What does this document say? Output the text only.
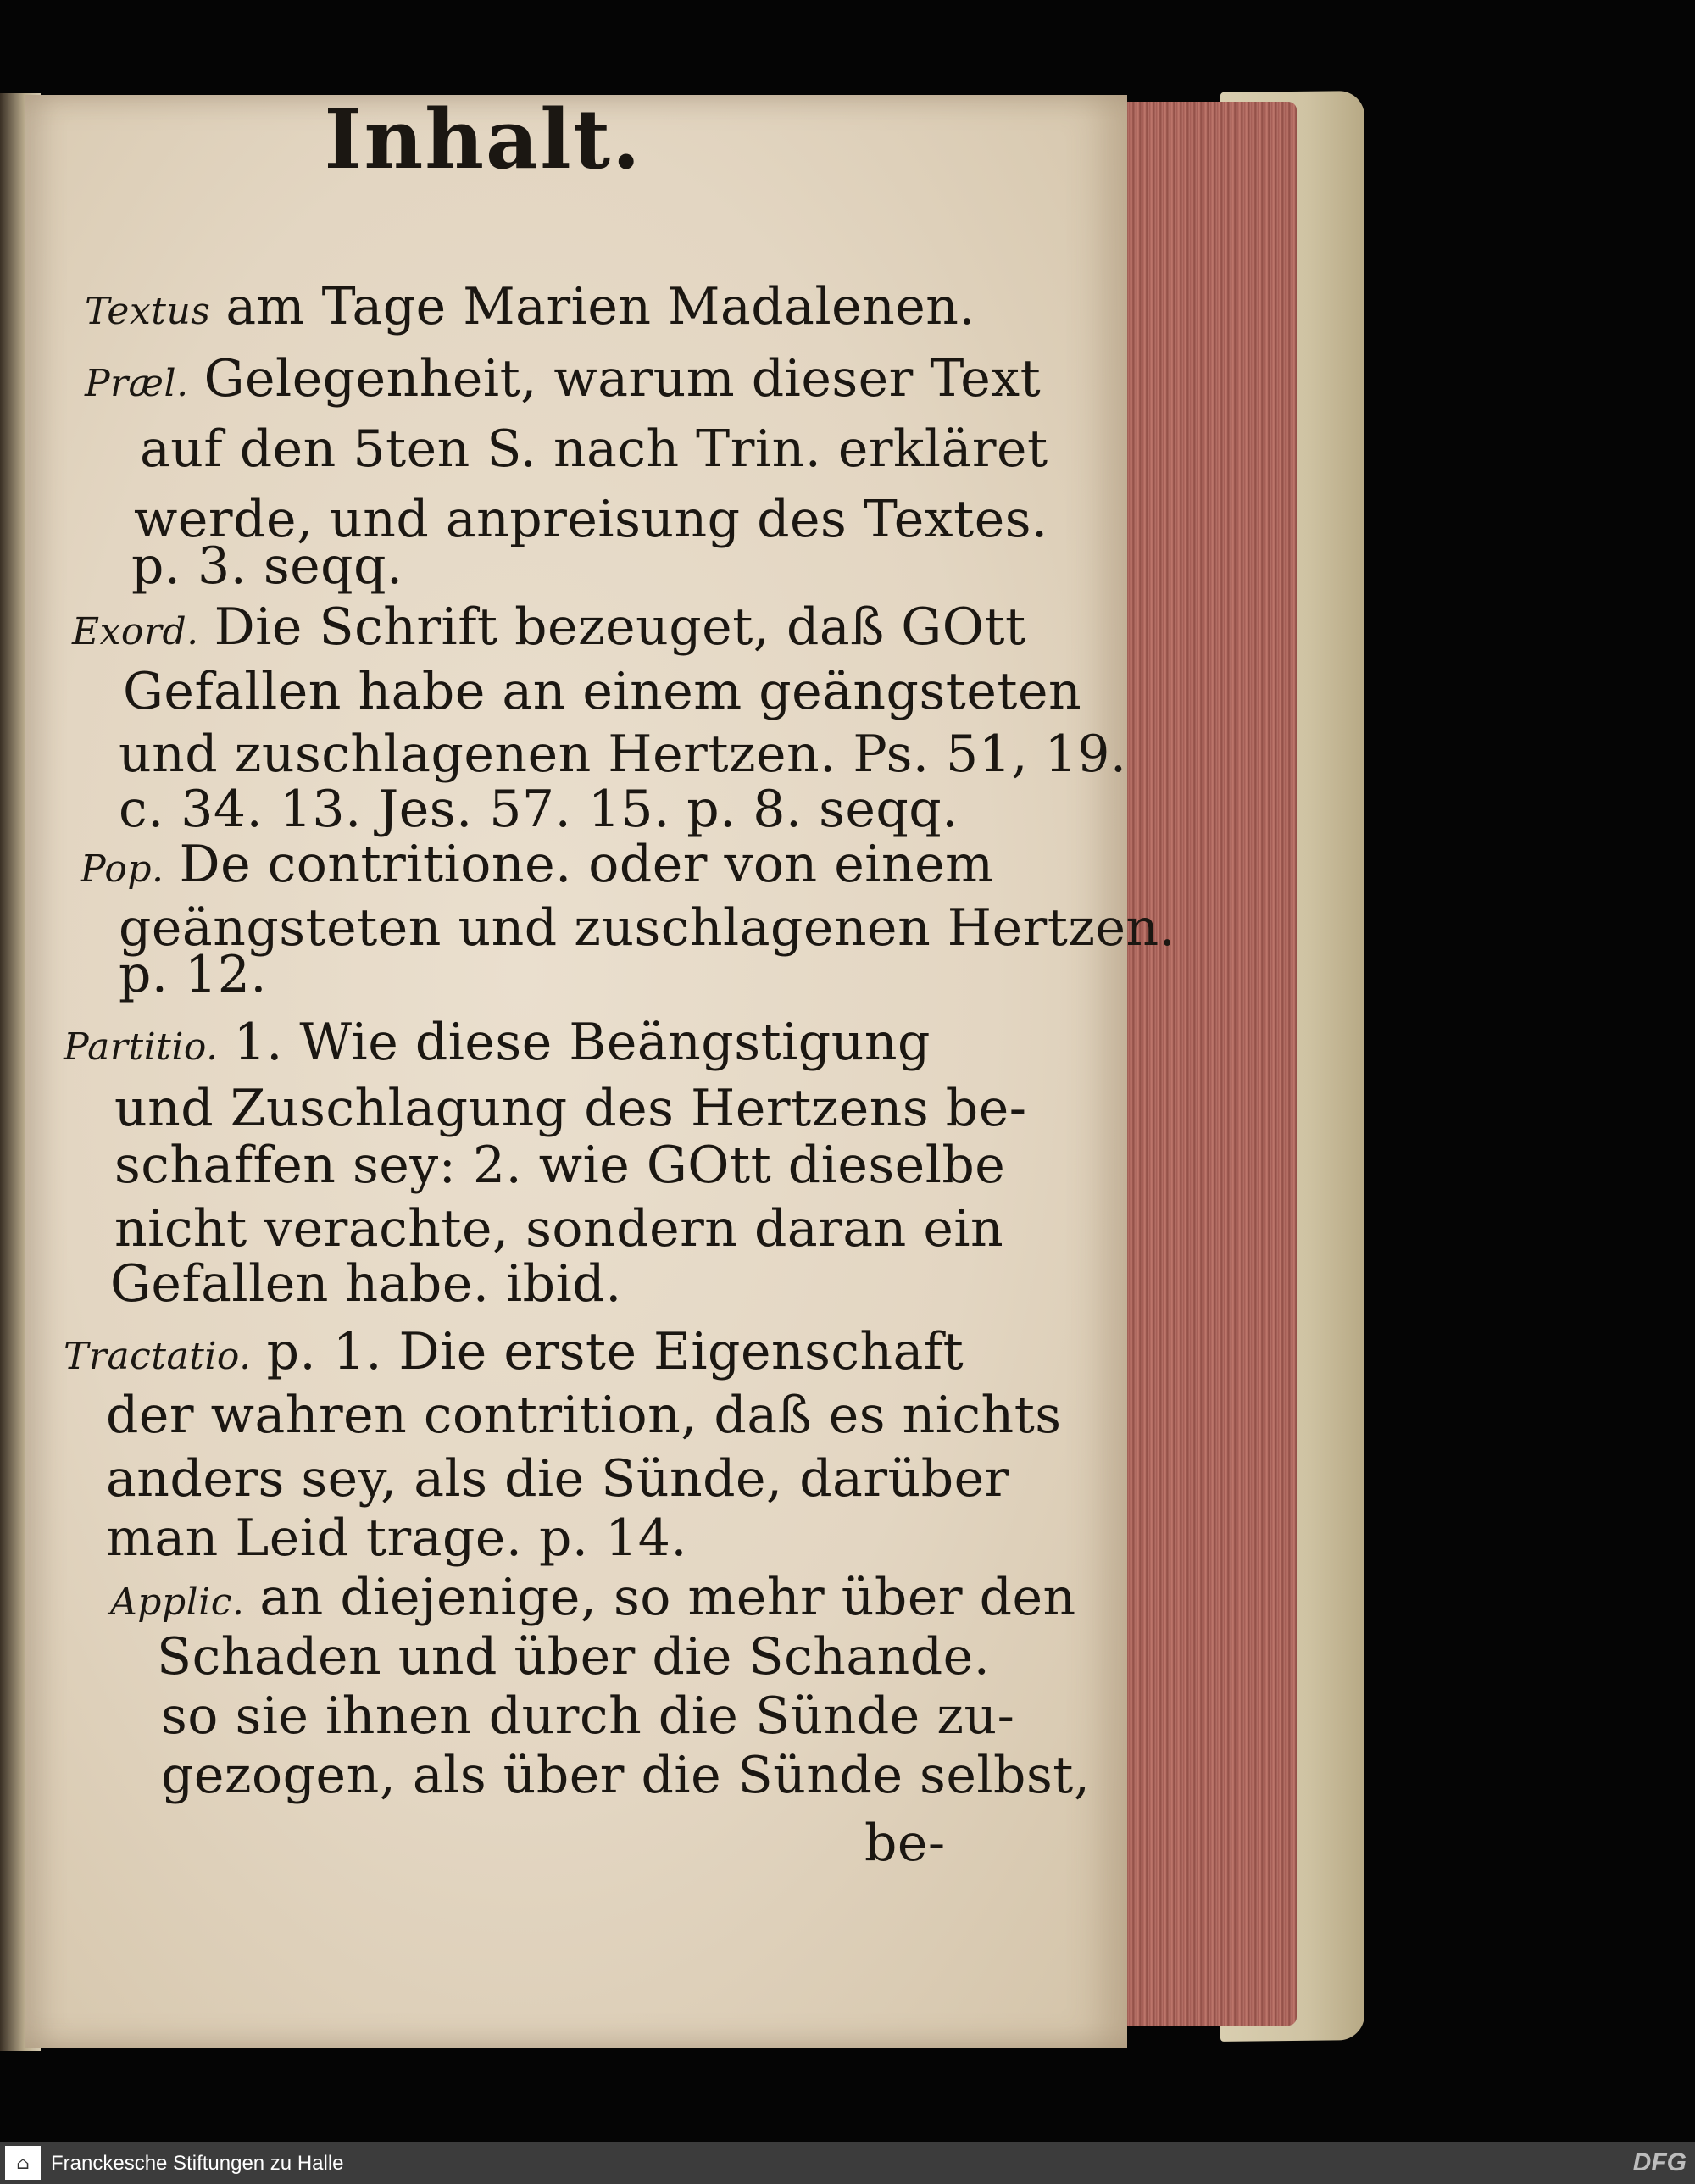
Inhalt.
Textus am Tage Marien Madalenen.
Præl. Gelegenheit, warum dieser Text
auf den 5ten S. nach Trin. erkläret
werde, und anpreisung des Textes.
p. 3. seqq.
Exord. Die Schrift bezeuget, daß GOtt
Gefallen habe an einem geängsteten
und zuschlagenen Hertzen. Ps. 51, 19.
c. 34. 13. Jes. 57. 15. p. 8. seqq.
Pop. De contritione. oder von einem
geängsteten und zuschlagenen Hertzen.
p. 12.
Partitio. 1. Wie diese Beängstigung
und Zuschlagung des Hertzens be-
schaffen sey: 2. wie GOtt dieselbe
nicht verachte, sondern daran ein
Gefallen habe. ibid.
Tractatio. p. 1. Die erste Eigenschaft
der wahren contrition, daß es nichts
anders sey, als die Sünde, darüber
man Leid trage. p. 14.
Applic. an diejenige, so mehr über den
Schaden und über die Schande.
so sie ihnen durch die Sünde zu-
gezogen, als über die Sünde selbst,
be-
⌂	Franckesche Stiftungen zu Halle	DFG
